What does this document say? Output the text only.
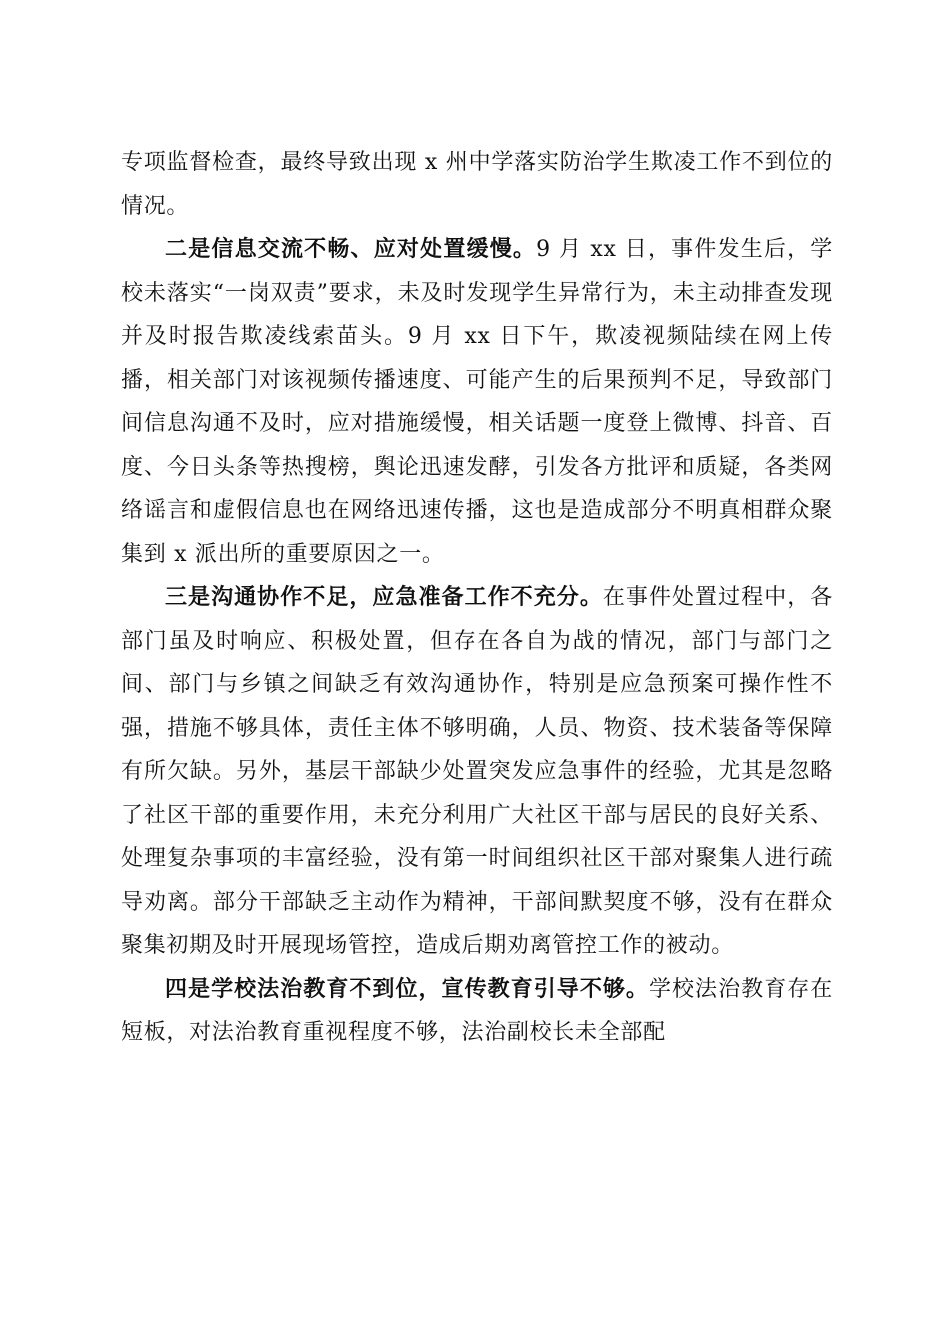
专项监督检查，最终导致出现 x 州中学落实防治学生欺凌工作不到位的情况。

二是信息交流不畅、应对处置缓慢。9 月 xx 日，事件发生后，学校未落实“一岗双责”要求，未及时发现学生异常行为，未主动排查发现并及时报告欺凌线索苗头。9 月 xx 日下午，欺凌视频陆续在网上传播，相关部门对该视频传播速度、可能产生的后果预判不足，导致部门间信息沟通不及时，应对措施缓慢，相关话题一度登上微博、抖音、百度、今日头条等热搜榜，舆论迅速发酵，引发各方批评和质疑，各类网络谣言和虚假信息也在网络迅速传播，这也是造成部分不明真相群众聚集到 x 派出所的重要原因之一。

三是沟通协作不足，应急准备工作不充分。在事件处置过程中，各部门虽及时响应、积极处置，但存在各自为战的情况，部门与部门之间、部门与乡镇之间缺乏有效沟通协作，特别是应急预案可操作性不强，措施不够具体，责任主体不够明确，人员、物资、技术装备等保障有所欠缺。另外，基层干部缺少处置突发应急事件的经验，尤其是忽略了社区干部的重要作用，未充分利用广大社区干部与居民的良好关系、处理复杂事项的丰富经验，没有第一时间组织社区干部对聚集人进行疏导劝离。部分干部缺乏主动作为精神，干部间默契度不够，没有在群众聚集初期及时开展现场管控，造成后期劝离管控工作的被动。

四是学校法治教育不到位，宣传教育引导不够。学校法治教育存在短板，对法治教育重视程度不够，法治副校长未全部配
